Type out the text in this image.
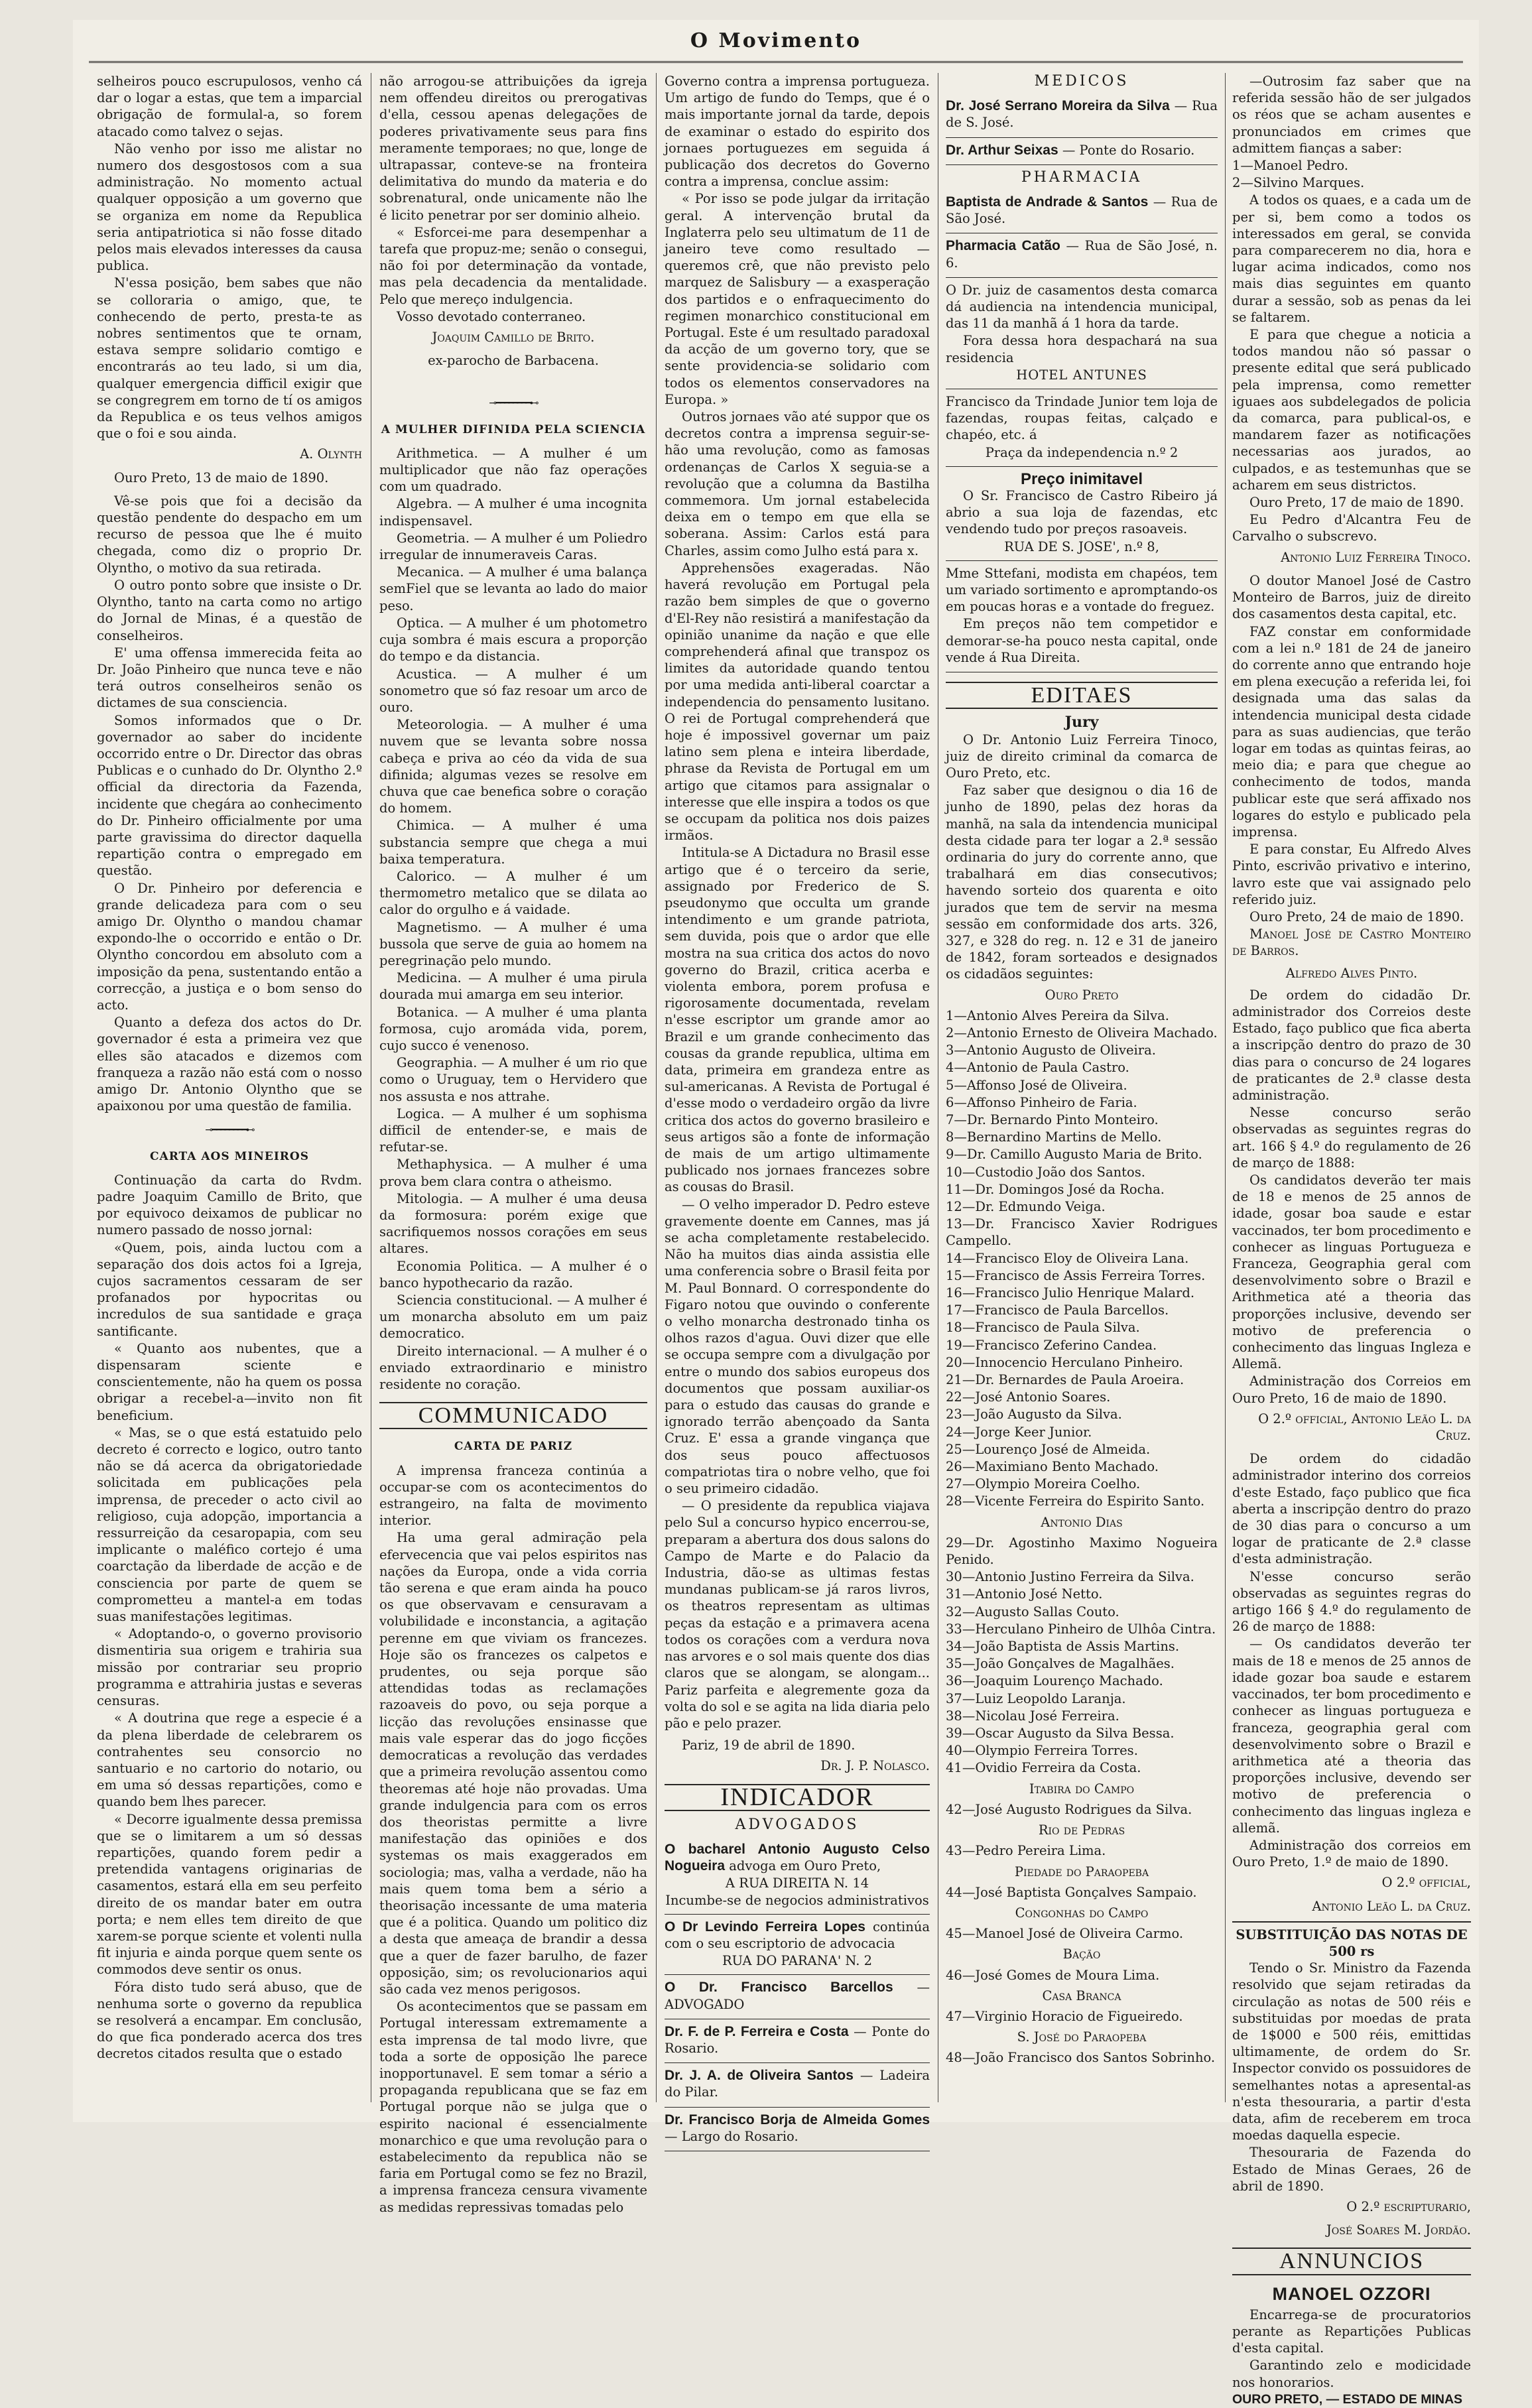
O Movimento

selheiros pouco escrupulosos, venho cá dar o logar a estas, que tem a imparcial obrigação de formulal-a, so forem atacado como talvez o sejas.

Não venho por isso me alistar no numero dos desgostosos com a sua administração. No momento actual qualquer opposição a um governo que se organiza em nome da Republica seria antipatriotica si não fosse ditado pelos mais elevados interesses da causa publica.

N'essa posição, bem sabes que não se colloraria o amigo, que, te conhecendo de perto, presta-te as nobres sentimentos que te ornam, estava sempre solidario comtigo e encontrarás ao teu lado, si um dia, qualquer emergencia difficil exigir que se congregrem em torno de tí os amigos da Republica e os teus velhos amigos que o foi e sou ainda.

A. Olynth

Ouro Preto, 13 de maio de 1890.

Vê-se pois que foi a decisão da questão pendente do despacho em um recurso de pessoa que lhe é muito chegada, como diz o proprio Dr. Olyntho, o motivo da sua retirada.

O outro ponto sobre que insiste o Dr. Olyntho, tanto na carta como no artigo do Jornal de Minas, é a questão de conselheiros.

E' uma offensa immerecida feita ao Dr. João Pinheiro que nunca teve e não terá outros conselheiros senão os dictames de sua consciencia.

Somos informados que o Dr. governador ao saber do incidente occorrido entre o Dr. Director das obras Publicas e o cunhado do Dr. Olyntho 2.º official da directoria da Fazenda, incidente que chegára ao conhecimento do Dr. Pinheiro officialmente por uma parte gravissima do director daquella repartição contra o empregado em questão.

O Dr. Pinheiro por deferencia e grande delicadeza para com o seu amigo Dr. Olyntho o mandou chamar expondo-lhe o occorrido e então o Dr. Olyntho concordou em absoluto com a imposição da pena, sustentando então a correcção, a justiça e o bom senso do acto.

Quanto a defeza dos actos do Dr. governador é esta a primeira vez que elles são atacados e dizemos com franqueza a razão não está com o nosso amigo Dr. Antonio Olyntho que se apaixonou por uma questão de familia.

⊸━━━━━━━━⊷
CARTA AOS MINEIROS

Continuação da carta do Rvdm. padre Joaquim Camillo de Brito, que por equivoco deixamos de publicar no numero passado de nosso jornal:

«Quem, pois, ainda luctou com a separação dos dois actos foi a Igreja, cujos sacramentos cessaram de ser profanados por hypocritas ou incredulos de sua santidade e graça santificante.

« Quanto aos nubentes, que a dispensaram sciente e conscientemente, não ha quem os possa obrigar a recebel-a—invito non fit beneficium.

« Mas, se o que está estatuido pelo decreto é correcto e logico, outro tanto não se dá acerca da obrigatoriedade solicitada em publicações pela imprensa, de preceder o acto civil ao religioso, cuja adopção, importancia a ressurreição da cesaropapia, com seu implicante o maléfico cortejo é uma coarctação da liberdade de acção e de consciencia por parte de quem se comprometteu a mantel-a em todas suas manifestações legitimas.

« Adoptando-o, o governo provisorio dismentiria sua origem e trahiria sua missão por contrariar seu proprio programma e attrahiria justas e severas censuras.

« A doutrina que rege a especie é a da plena liberdade de celebrarem os contrahentes seu consorcio no santuario e no cartorio do notario, ou em uma só dessas repartições, como e quando bem lhes parecer.

« Decorre igualmente dessa premissa que se o limitarem a um só dessas repartições, quando forem pedir a pretendida vantagens originarias de casamentos, estará ella em seu perfeito direito de os mandar bater em outra porta; e nem elles tem direito de que xarem-se porque sciente et volenti nulla fit injuria e ainda porque quem sente os commodos deve sentir os onus.

Fóra disto tudo será abuso, que de nenhuma sorte o governo da republica se resolverá a encampar. Em conclusão, do que fica ponderado acerca dos tres decretos citados resulta que o estado

não arrogou-se attribuições da igreja nem offendeu direitos ou prerogativas d'ella, cessou apenas delegações de poderes privativamente seus para fins meramente temporaes; no que, longe de ultrapassar, conteve-se na fronteira delimitativa do mundo da materia e do sobrenatural, onde unicamente não lhe é licito penetrar por ser dominio alheio.

« Esforcei-me para desempenhar a tarefa que propuz-me; senão o consegui, não foi por determinação da vontade, mas pela decadencia da mentalidade. Pelo que mereço indulgencia.

Vosso devotado conterraneo.

Joaquim Camillo de Brito.
ex-parocho de Barbacena.
⊸━━━━━━━━⊷
A MULHER DIFINIDA PELA SCIENCIA

Arithmetica. — A mulher é um multiplicador que não faz operações com um quadrado.

Algebra. — A mulher é uma incognita indispensavel.

Geometria. — A mulher é um Poliedro irregular de innumeraveis Caras.

Mecanica. — A mulher é uma balança semFiel que se levanta ao lado do maior peso.

Optica. — A mulher é um photometro cuja sombra é mais escura a proporção do tempo e da distancia.

Acustica. — A mulher é um sonometro que só faz resoar um arco de ouro.

Meteorologia. — A mulher é uma nuvem que se levanta sobre nossa cabeça e priva ao céo da vida de sua difinida; algumas vezes se resolve em chuva que cae benefica sobre o coração do homem.

Chimica. — A mulher é uma substancia sempre que chega a mui baixa temperatura.

Calorico. — A mulher é um thermometro metalico que se dilata ao calor do orgulho e á vaidade.

Magnetismo. — A mulher é uma bussola que serve de guia ao homem na peregrinação pelo mundo.

Medicina. — A mulher é uma pirula dourada mui amarga em seu interior.

Botanica. — A mulher é uma planta formosa, cujo aromáda vida, porem, cujo succo é venenoso.

Geographia. — A mulher é um rio que como o Uruguay, tem o Hervidero que nos assusta e nos attrahe.

Logica. — A mulher é um sophisma difficil de entender-se, e mais de refutar-se.

Methaphysica. — A mulher é uma prova bem clara contra o atheismo.

Mitologia. — A mulher é uma deusa da formosura: porém exige que sacrifiquemos nossos corações em seus altares.

Economia Politica. — A mulher é o banco hypothecario da razão.

Sciencia constitucional. — A mulher é um monarcha absoluto em um paiz democratico.

Direito internacional. — A mulher é o enviado extraordinario e ministro residente no coração.

COMMUNICADO
CARTA DE PARIZ

A imprensa franceza continúa a occupar-se com os acontecimentos do estrangeiro, na falta de movimento interior.

Ha uma geral admiração pela efervecencia que vai pelos espiritos nas nações da Europa, onde a vida corria tão serena e que eram ainda ha pouco os que observavam e censuravam a volubilidade e inconstancia, a agitação perenne em que viviam os francezes. Hoje são os francezes os calpetos e prudentes, ou seja porque são attendidas todas as reclamações razoaveis do povo, ou seja porque a licção das revoluções ensinasse que mais vale esperar das do jogo ficções democraticas a revolução das verdades que a primeira revolução assentou como theoremas até hoje não provadas. Uma grande indulgencia para com os erros dos theoristas permitte a livre manifestação das opiniões e dos systemas os mais exaggerados em sociologia; mas, valha a verdade, não ha mais quem toma bem a sério a theorisação incessante de uma materia que é a politica. Quando um politico diz a desta que ameaça de brandir a dessa que a quer de fazer barulho, de fazer opposição, sim; os revolucionarios aqui são cada vez menos perigosos.

Os acontecimentos que se passam em Portugal interessam extremamente a esta imprensa de tal modo livre, que toda a sorte de opposição lhe parece inopportunavel. E sem tomar a sério a propaganda republicana que se faz em Portugal porque não se julga que o espirito nacional é essencialmente monarchico e que uma revolução para o estabelecimento da republica não se faria em Portugal como se fez no Brazil, a imprensa franceza censura vivamente as medidas repressivas tomadas pelo

Governo contra a imprensa portugueza. Um artigo de fundo do Temps, que é o mais importante jornal da tarde, depois de examinar o estado do espirito dos jornaes portuguezes em seguida á publicação dos decretos do Governo contra a imprensa, conclue assim:

« Por isso se pode julgar da irritação geral. A intervenção brutal da Inglaterra pelo seu ultimatum de 11 de janeiro teve como resultado — queremos crê, que não previsto pelo marquez de Salisbury — a exasperação dos partidos e o enfraquecimento do regimen monarchico constitucional em Portugal. Este é um resultado paradoxal da acção de um governo tory, que se sente providencia-se solidario com todos os elementos conservadores na Europa. »

Outros jornaes vão até suppor que os decretos contra a imprensa seguir-se-hão uma revolução, como as famosas ordenanças de Carlos X seguia-se a revolução que a columna da Bastilha commemora. Um jornal estabelecida deixa em o tempo em que ella se soberana. Assim: Carlos está para Charles, assim como Julho está para x.

Apprehensões exageradas. Não haverá revolução em Portugal pela razão bem simples de que o governo d'El-Rey não resistirá a manifestação da opinião unanime da nação e que elle comprehenderá afinal que transpoz os limites da autoridade quando tentou por uma medida anti-liberal coarctar a independencia do pensamento lusitano. O rei de Portugal comprehenderá que hoje é impossivel governar um paiz latino sem plena e inteira liberdade, phrase da Revista de Portugal em um artigo que citamos para assignalar o interesse que elle inspira a todos os que se occupam da politica nos dois paizes irmãos.

Intitula-se A Dictadura no Brasil esse artigo que é o terceiro da serie, assignado por Frederico de S. pseudonymo que occulta um grande intendimento e um grande patriota, sem duvida, pois que o ardor que elle mostra na sua critica dos actos do novo governo do Brazil, critica acerba e violenta embora, porem profusa e rigorosamente documentada, revelam n'esse escriptor um grande amor ao Brazil e um grande conhecimento das cousas da grande republica, ultima em data, primeira em grandeza entre as sul-americanas. A Revista de Portugal é d'esse modo o verdadeiro orgão da livre critica dos actos do governo brasileiro e seus artigos são a fonte de informação de mais de um artigo ultimamente publicado nos jornaes francezes sobre as cousas do Brasil.

— O velho imperador D. Pedro esteve gravemente doente em Cannes, mas já se acha completamente restabelecido. Não ha muitos dias ainda assistia elle uma conferencia sobre o Brasil feita por M. Paul Bonnard. O correspondente do Figaro notou que ouvindo o conferente o velho monarcha destronado tinha os olhos razos d'agua. Ouvi dizer que elle se occupa sempre com a divulgação por entre o mundo dos sabios europeus dos documentos que possam auxiliar-os para o estudo das causas do grande e ignorado terrão abençoado da Santa Cruz. E' essa a grande vingança que dos seus pouco affectuosos compatriotas tira o nobre velho, que foi o seu primeiro cidadão.

— O presidente da republica viajava pelo Sul a concurso hypico encerrou-se, preparam a abertura dos dous salons do Campo de Marte e do Palacio da Industria, dão-se as ultimas festas mundanas publicam-se já raros livros, os theatros representam as ultimas peças da estação e a primavera acena todos os corações com a verdura nova nas arvores e o sol mais quente dos dias claros que se alongam, se alongam... Pariz parfeita e alegremente goza da volta do sol e se agita na lida diaria pelo pão e pelo prazer.

Pariz, 19 de abril de 1890.

Dr. J. P. Nolasco.
INDICADOR
ADVOGADOS

O bacharel Antonio Augusto Celso Nogueira advoga em Ouro Preto,

A RUA DIREITA N. 14
Incumbe-se de negocios administrativos

O Dr Levindo Ferreira Lopes continúa com o seu escriptorio de advocacia

RUA DO PARANA' N. 2

O Dr. Francisco Barcellos — ADVOGADO

Dr. F. de P. Ferreira e Costa — Ponte do Rosario.

Dr. J. A. de Oliveira Santos — Ladeira do Pilar.

Dr. Francisco Borja de Almeida Gomes — Largo do Rosario.

MEDICOS

Dr. José Serrano Moreira da Silva — Rua de S. José.

Dr. Arthur Seixas — Ponte do Rosario.

PHARMACIA

Baptista de Andrade & Santos — Rua de São José.

Pharmacia Catão — Rua de São José, n. 6.

O Dr. juiz de casamentos desta comarca dá audiencia na intendencia municipal, das 11 da manhã á 1 hora da tarde.

Fora dessa hora despachará na sua residencia

HOTEL ANTUNES

Francisco da Trindade Junior tem loja de fazendas, roupas feitas, calçado e chapéo, etc. á

Praça da independencia n.º 2
Preço inimitavel

O Sr. Francisco de Castro Ribeiro já abrio a sua loja de fazendas, etc vendendo tudo por preços rasoaveis.

RUA DE S. JOSE', n.º 8,

Mme Sttefani, modista em chapéos, tem um variado sortimento e apromptando-os em poucas horas e a vontade do freguez.

Em preços não tem competidor e demorar-se-ha pouco nesta capital, onde vende á Rua Direita.

EDITAES
Jury

O Dr. Antonio Luiz Ferreira Tinoco, juiz de direito criminal da comarca de Ouro Preto, etc.

Faz saber que designou o dia 16 de junho de 1890, pelas dez horas da manhã, na sala da intendencia municipal desta cidade para ter logar a 2.ª sessão ordinaria do jury do corrente anno, que trabalhará em dias consecutivos; havendo sorteio dos quarenta e oito jurados que tem de servir na mesma sessão em conformidade dos arts. 326, 327, e 328 do reg. n. 12 e 31 de janeiro de 1842, foram sorteados e designados os cidadãos seguintes:

Ouro Preto

1—Antonio Alves Pereira da Silva.

2—Antonio Ernesto de Oliveira Machado.

3—Antonio Augusto de Oliveira.

4—Antonio de Paula Castro.

5—Affonso José de Oliveira.

6—Affonso Pinheiro de Faria.

7—Dr. Bernardo Pinto Monteiro.

8—Bernardino Martins de Mello.

9—Dr. Camillo Augusto Maria de Brito.

10—Custodio João dos Santos.

11—Dr. Domingos José da Rocha.

12—Dr. Edmundo Veiga.

13—Dr. Francisco Xavier Rodrigues Campello.

14—Francisco Eloy de Oliveira Lana.

15—Francisco de Assis Ferreira Torres.

16—Francisco Julio Henrique Malard.

17—Francisco de Paula Barcellos.

18—Francisco de Paula Silva.

19—Francisco Zeferino Candea.

20—Innocencio Herculano Pinheiro.

21—Dr. Bernardes de Paula Aroeira.

22—José Antonio Soares.

23—João Augusto da Silva.

24—Jorge Keer Junior.

25—Lourenço José de Almeida.

26—Maximiano Bento Machado.

27—Olympio Moreira Coelho.

28—Vicente Ferreira do Espirito Santo.

Antonio Dias

29—Dr. Agostinho Maximo Nogueira Penido.

30—Antonio Justino Ferreira da Silva.

31—Antonio José Netto.

32—Augusto Sallas Couto.

33—Herculano Pinheiro de Ulhôa Cintra.

34—João Baptista de Assis Martins.

35—João Gonçalves de Magalhães.

36—Joaquim Lourenço Machado.

37—Luiz Leopoldo Laranja.

38—Nicolau José Ferreira.

39—Oscar Augusto da Silva Bessa.

40—Olympio Ferreira Torres.

41—Ovidio Ferreira da Costa.

Itabira do Campo

42—José Augusto Rodrigues da Silva.

Rio de Pedras

43—Pedro Pereira Lima.

Piedade do Paraopeba

44—José Baptista Gonçalves Sampaio.

Congonhas do Campo

45—Manoel José de Oliveira Carmo.

Bação

46—José Gomes de Moura Lima.

Casa Branca

47—Virginio Horacio de Figueiredo.

S. José do Paraopeba

48—João Francisco dos Santos Sobrinho.

—Outrosim faz saber que na referida sessão hão de ser julgados os réos que se acham ausentes e pronunciados em crimes que admittem fianças a saber:

1—Manoel Pedro.

2—Silvino Marques.

A todos os quaes, e a cada um de per si, bem como a todos os interessados em geral, se convida para comparecerem no dia, hora e lugar acima indicados, como nos mais dias seguintes em quanto durar a sessão, sob as penas da lei se faltarem.

E para que chegue a noticia a todos mandou não só passar o presente edital que será publicado pela imprensa, como remetter iguaes aos subdelegados de policia da comarca, para publical-os, e mandarem fazer as notificações necessarias aos jurados, ao culpados, e as testemunhas que se acharem em seus districtos.

Ouro Preto, 17 de maio de 1890.

Eu Pedro d'Alcantra Feu de Carvalho o subscrevo.

Antonio Luiz Ferreira Tinoco.

O doutor Manoel José de Castro Monteiro de Barros, juiz de direito dos casamentos desta capital, etc.

FAZ constar em conformidade com a lei n.º 181 de 24 de janeiro do corrente anno que entrando hoje em plena execução a referida lei, foi designada uma das salas da intendencia municipal desta cidade para as suas audiencias, que terão logar em todas as quintas feiras, ao meio dia; e para que chegue ao conhecimento de todos, manda publicar este que será affixado nos logares do estylo e publicado pela imprensa.

E para constar, Eu Alfredo Alves Pinto, escrivão privativo e interino, lavro este que vai assignado pelo referido juiz.

Ouro Preto, 24 de maio de 1890.

Manoel José de Castro Monteiro de Barros.

Alfredo Alves Pinto.

De ordem do cidadão Dr. administrador dos Correios deste Estado, faço publico que fica aberta a inscripção dentro do prazo de 30 dias para o concurso de 24 logares de praticantes de 2.ª classe desta administração.

Nesse concurso serão observadas as seguintes regras do art. 166 § 4.º do regulamento de 26 de março de 1888:

Os candidatos deverão ter mais de 18 e menos de 25 annos de idade, gosar boa saude e estar vaccinados, ter bom procedimento e conhecer as linguas Portugueza e Franceza, Geographia geral com desenvolvimento sobre o Brazil e Arithmetica até a theoria das proporções inclusive, devendo ser motivo de preferencia o conhecimento das linguas Ingleza e Allemã.

Administração dos Correios em Ouro Preto, 16 de maio de 1890.

O 2.º official, Antonio Leão L. da Cruz.

De ordem do cidadão administrador interino dos correios d'este Estado, faço publico que fica aberta a inscripção dentro do prazo de 30 dias para o concurso a um logar de praticante de 2.ª classe d'esta administração.

N'esse concurso serão observadas as seguintes regras do artigo 166 § 4.º do regulamento de 26 de março de 1888:

— Os candidatos deverão ter mais de 18 e menos de 25 annos de idade gozar boa saude e estarem vaccinados, ter bom procedimento e conhecer as linguas portugueza e franceza, geographia geral com desenvolvimento sobre o Brazil e arithmetica até a theoria das proporções inclusive, devendo ser motivo de preferencia o conhecimento das linguas ingleza e allemã.

Administração dos correios em Ouro Preto, 1.º de maio de 1890.

O 2.º official,
Antonio Leão L. da Cruz.
SUBSTITUIÇÃO DAS NOTAS DE 500 rs

Tendo o Sr. Ministro da Fazenda resolvido que sejam retiradas da circulação as notas de 500 réis e substituidas por moedas de prata de 1$000 e 500 réis, emittidas ultimamente, de ordem do Sr. Inspector convido os possuidores de semelhantes notas a apresental-as n'esta thesouraria, a partir d'esta data, afim de receberem em troca moedas daquella especie.

Thesouraria de Fazenda do Estado de Minas Geraes, 26 de abril de 1890.

O 2.º escripturario,
José Soares M. Jordão.
ANNUNCIOS
MANOEL OZZORI

Encarrega-se de procuratorios perante as Repartições Publicas d'esta capital.

Garantindo zelo e modicidade nos honorarios.

OURO PRETO, — ESTADO DE MINAS
